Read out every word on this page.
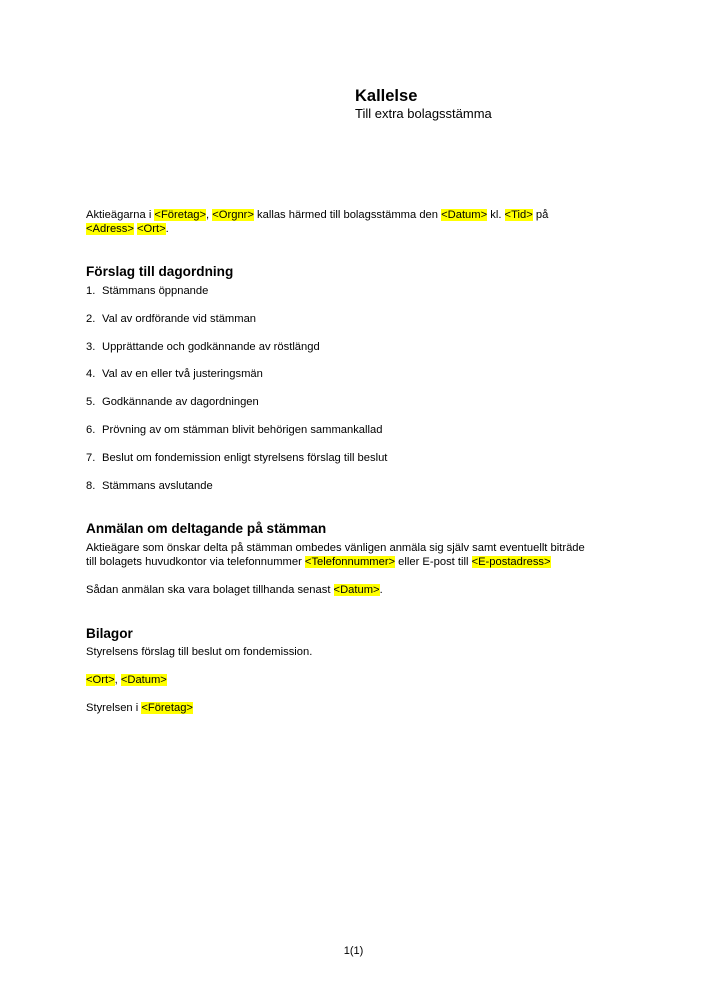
Kallelse

Till extra bolagsstämma

Aktieägarna i <Företag>, <Orgnr> kallas härmed till bolagsstämma den <Datum> kl. <Tid> på
<Adress> <Ort>.
Förslag till dagordning
1. Stämmans öppnande
2. Val av ordförande vid stämman
3. Upprättande och godkännande av röstlängd
4. Val av en eller två justeringsmän
5. Godkännande av dagordningen
6. Prövning av om stämman blivit behörigen sammankallad
7. Beslut om fondemission enligt styrelsens förslag till beslut
8. Stämmans avslutande
Anmälan om deltagande på stämman
Aktieägare som önskar delta på stämman ombedes vänligen anmäla sig själv samt eventuellt biträde
till bolagets huvudkontor via telefonnummer <Telefonnummer> eller E-post till <E-postadress>
Sådan anmälan ska vara bolaget tillhanda senast <Datum>.
Bilagor
Styrelsens förslag till beslut om fondemission.
<Ort>, <Datum>
Styrelsen i <Företag>
1(1)
